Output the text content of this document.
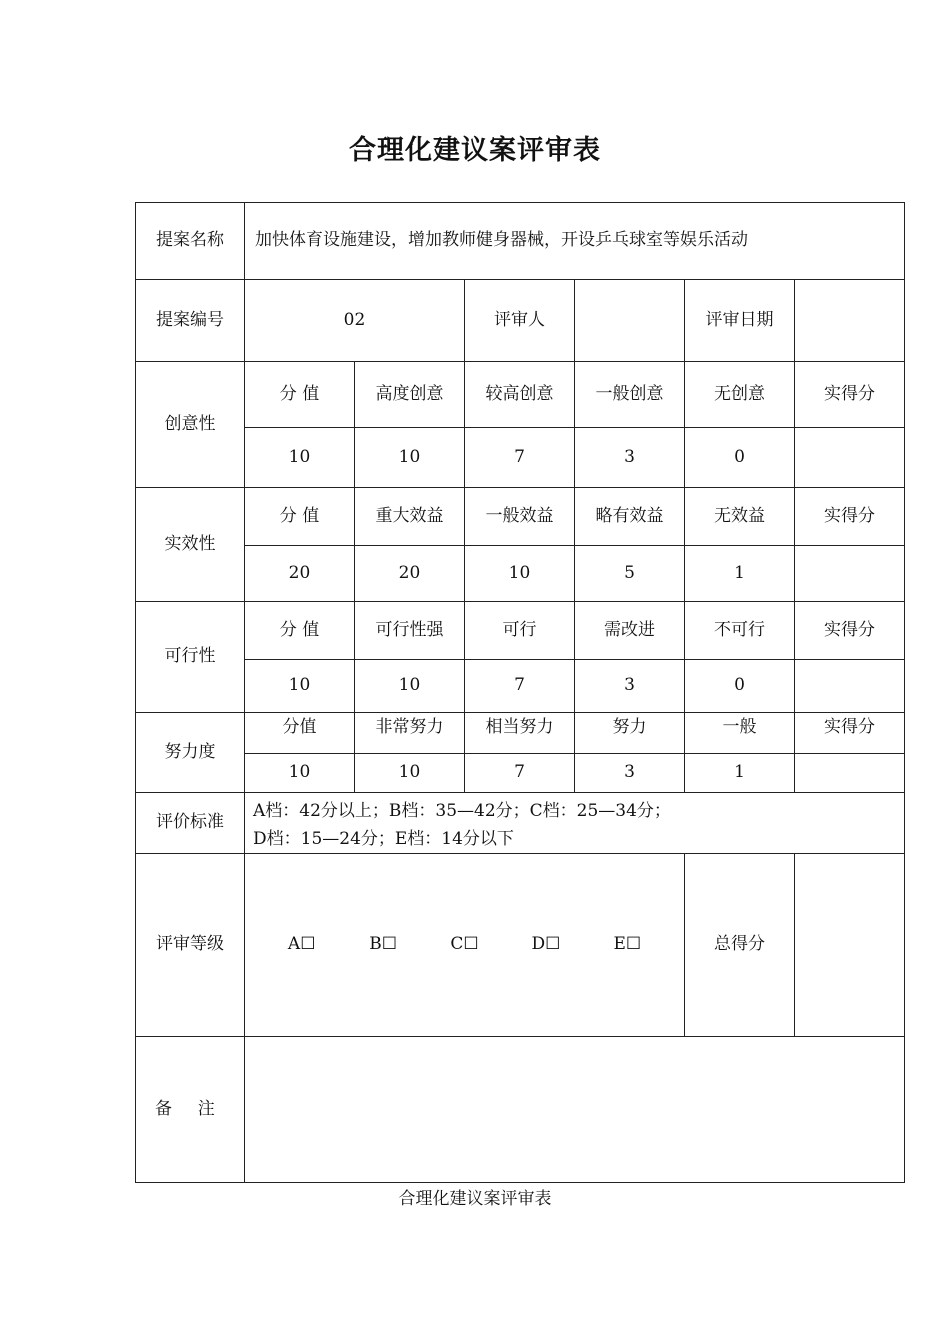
合理化建议案评审表
提案名称	加快体育设施建设，增加教师健身器械，开设乒乓球室等娱乐活动					
提案编号	02		评审人		评审日期	
创意性	分 值	高度创意	较高创意	一般创意	无创意	实得分
	10	10	7	3	0	
实效性	分 值	重大效益	一般效益	略有效益	无效益	实得分
	20	20	10	5	1	
可行性	分 值	可行性强	可行	需改进	不可行	实得分
	10	10	7	3	0	
努力度	分值	非常努力	相当努力	努力	一般	实得分
	10	10	7	3	1	
评价标准	A档：42分以上；B档：35—42分；C档：25—34分；
D档：15—24分；E档：14分以下					

评审等级	A☐ B☐ C☐ D☐ E☐				总得分	
备 注						
合理化建议案评审表
